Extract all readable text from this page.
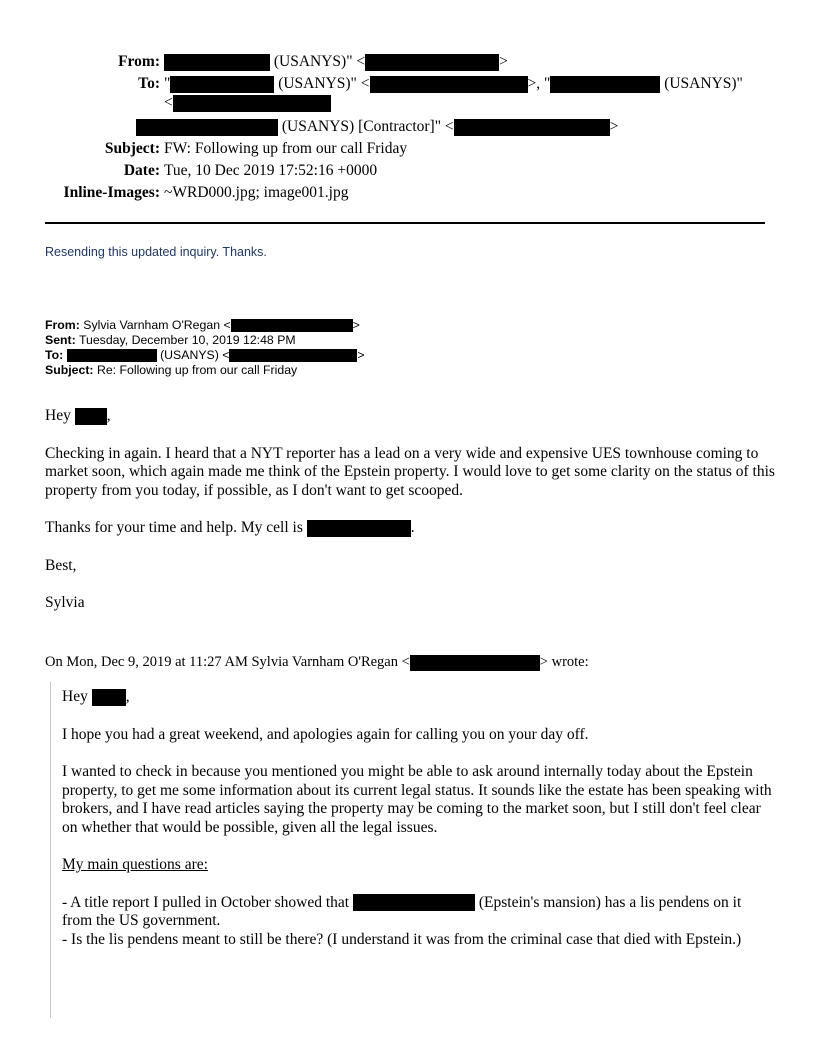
From:	(USANYS)" <	>
To: "	(USANYS)" <	>, "	(USANYS)"
<
(USANYS) [Contractor]" <	>
Subject: FW: Following up from our call Friday
Date: Tue, 10 Dec 2019 17:52:16 +0000
Inline-Images: ~WRD000.jpg; image001.jpg
Resending this updated inquiry. Thanks.
From: Sylvia Varnham O'Regan <	>
Sent: Tuesday, December 10, 2019 12:48 PM
To:	(USANYS) <	>
Subject: Re: Following up from our call Friday

Hey ,

Checking in again. I heard that a NYT reporter has a lead on a very wide and expensive UES townhouse coming to market soon, which again made me think of the Epstein property. I would love to get some clarity on the status of this property from you today, if possible, as I don't want to get scooped.

Thanks for your time and help. My cell is	.

Best,

Sylvia

On Mon, Dec 9, 2019 at 11:27 AM Sylvia Varnham O'Regan <	> wrote:

Hey ,

I hope you had a great weekend, and apologies again for calling you on your day off.

I wanted to check in because you mentioned you might be able to ask around internally today about the Epstein property, to get me some information about its current legal status. It sounds like the estate has been speaking with brokers, and I have read articles saying the property may be coming to the market soon, but I still don't feel clear on whether that would be possible, given all the legal issues.

My main questions are:

- A title report I pulled in October showed that	(Epstein's mansion) has a lis pendens on it from the US government.

- Is the lis pendens meant to still be there? (I understand it was from the criminal case that died with Epstein.)
